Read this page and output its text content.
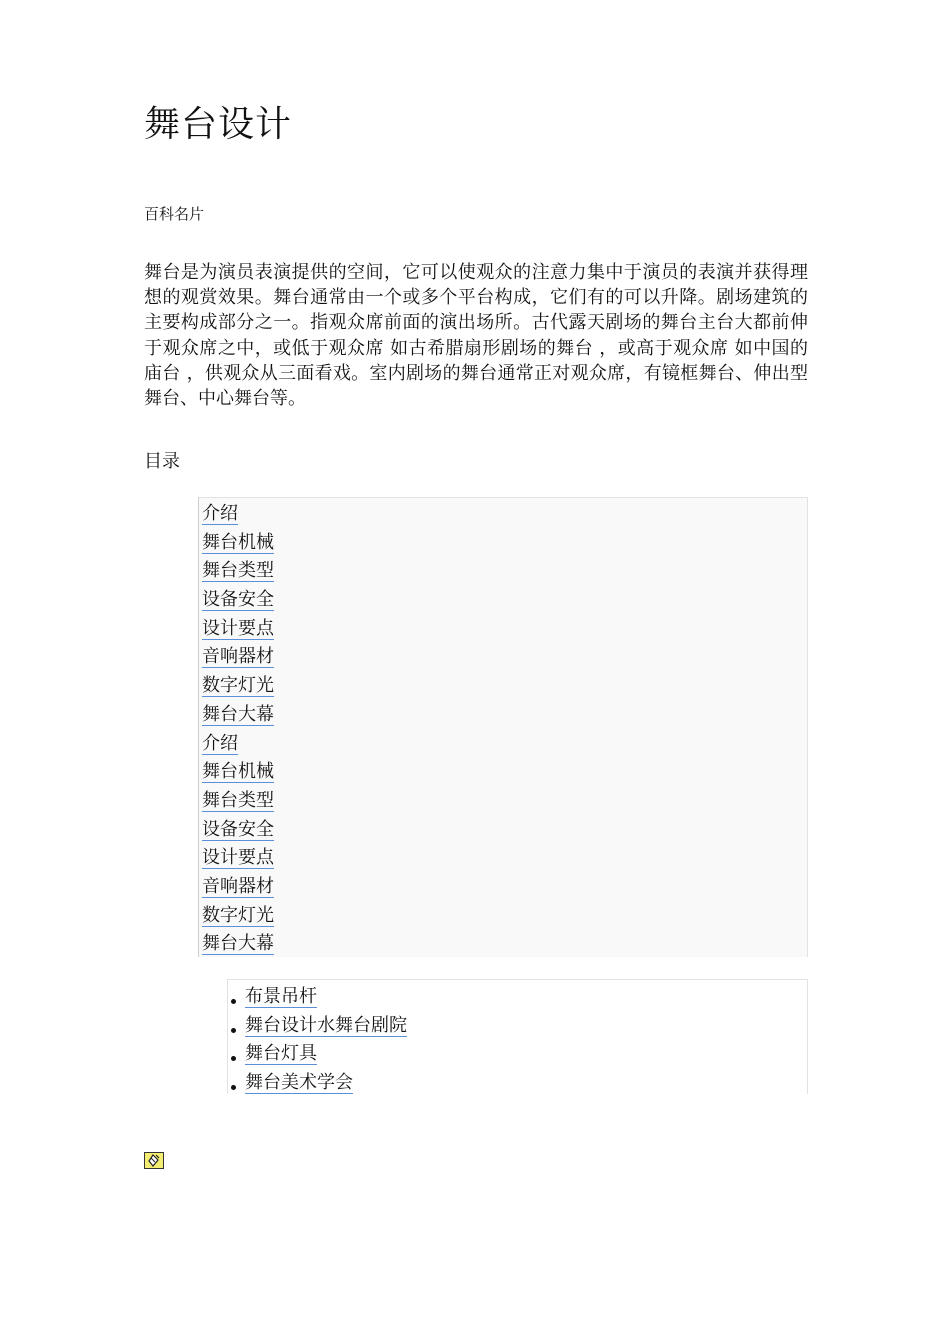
舞台设计
百科名片

舞台是为演员表演提供的空间，它可以使观众的注意力集中于演员的表演并获得理想的观赏效果。舞台通常由一个或多个平台构成，它们有的可以升降。剧场建筑的主要构成部分之一。指观众席前面的演出场所。古代露天剧场的舞台主台大都前伸于观众席之中，或低于观众席 如古希腊扇形剧场的舞台 ，或高于观众席 如中国的庙台 ，供观众从三面看戏。室内剧场的舞台通常正对观众席，有镜框舞台、伸出型舞台、中心舞台等。

目录
介绍
舞台机械
舞台类型
设备安全
设计要点
音响器材
数字灯光
舞台大幕
介绍
舞台机械
舞台类型
设备安全
设计要点
音响器材
数字灯光
舞台大幕
布景吊杆
舞台设计水舞台剧院
舞台灯具
舞台美术学会
